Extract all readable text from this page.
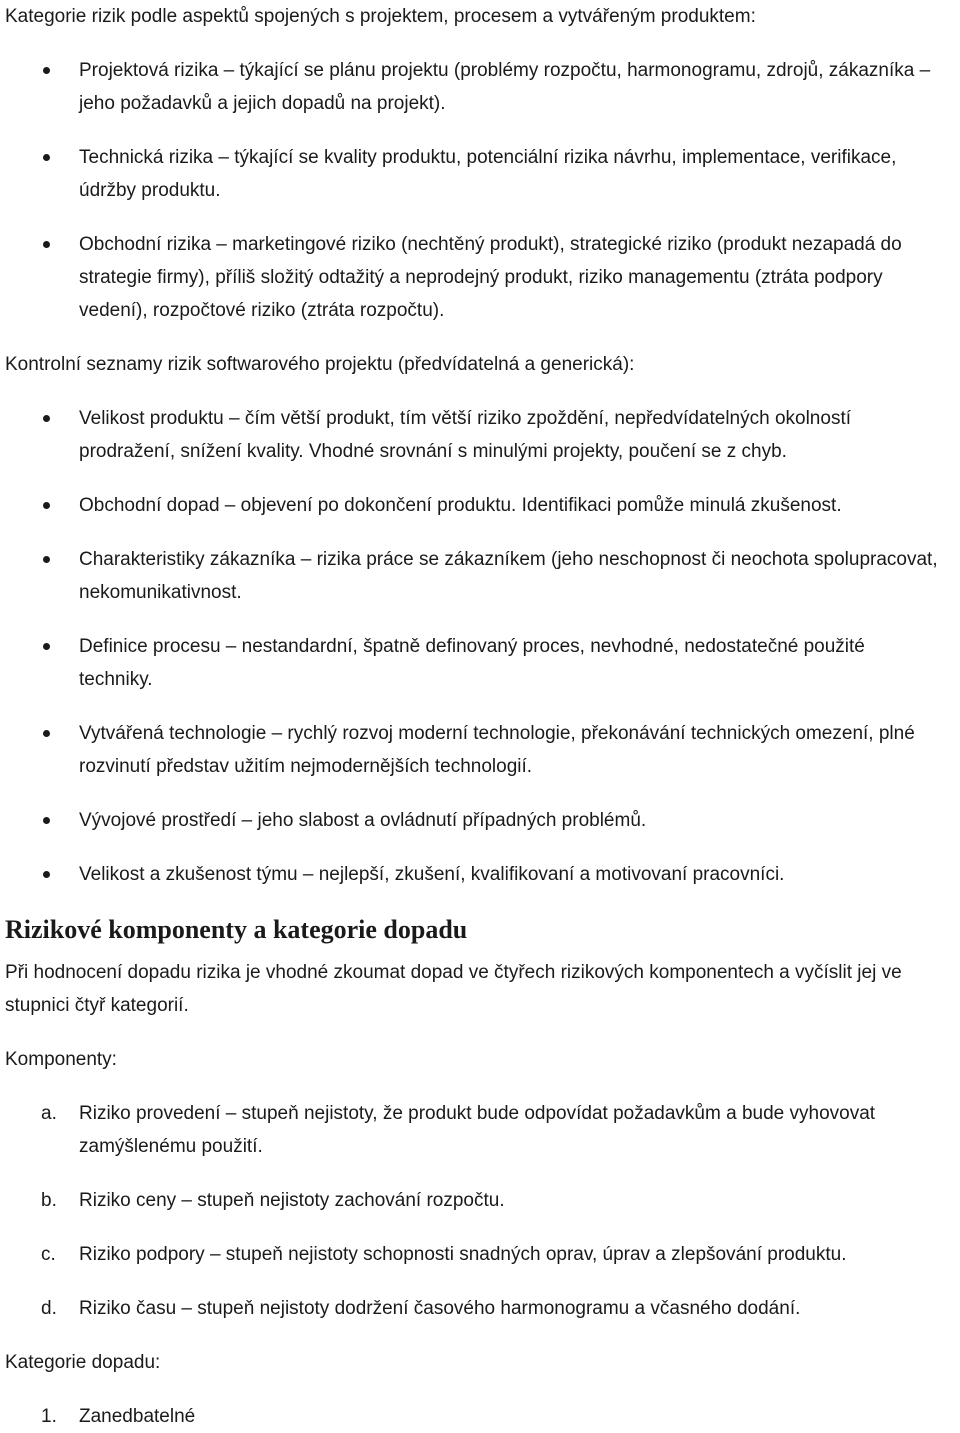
Kategorie rizik podle aspektů spojených s projektem, procesem a vytvářeným produktem:

Projektová rizika – týkající se plánu projektu (problémy rozpočtu, harmonogramu, zdrojů, zákazníka – jeho požadavků a jejich dopadů na projekt).
Technická rizika – týkající se kvality produktu, potenciální rizika návrhu, implementace, verifikace, údržby produktu.
Obchodní rizika – marketingové riziko (nechtěný produkt), strategické riziko (produkt nezapadá do strategie firmy), příliš složitý odtažitý a neprodejný produkt, riziko managementu (ztráta podpory vedení), rozpočtové riziko (ztráta rozpočtu).

Kontrolní seznamy rizik softwarového projektu (předvídatelná a generická):

Velikost produktu – čím větší produkt, tím větší riziko zpoždění, nepředvídatelných okolností prodražení, snížení kvality. Vhodné srovnání s minulými projekty, poučení se z chyb.
Obchodní dopad – objevení po dokončení produktu. Identifikaci pomůže minulá zkušenost.
Charakteristiky zákazníka – rizika práce se zákazníkem (jeho neschopnost či neochota spolupracovat, nekomunikativnost.
Definice procesu – nestandardní, špatně definovaný proces, nevhodné, nedostatečné použité techniky.
Vytvářená technologie – rychlý rozvoj moderní technologie, překonávání technických omezení, plné rozvinutí představ užitím nejmodernějších technologií.
Vývojové prostředí – jeho slabost a ovládnutí případných problémů.
Velikost a zkušenost týmu – nejlepší, zkušení, kvalifikovaní a motivovaní pracovníci.
Rizikové komponenty a kategorie dopadu

Při hodnocení dopadu rizika je vhodné zkoumat dopad ve čtyřech rizikových komponentech a vyčíslit jej ve stupnici čtyř kategorií.

Komponenty:

a. Riziko provedení – stupeň nejistoty, že produkt bude odpovídat požadavkům a bude vyhovovat zamýšlenému použití.
b. Riziko ceny – stupeň nejistoty zachování rozpočtu.
c. Riziko podpory – stupeň nejistoty schopnosti snadných oprav, úprav a zlepšování produktu.
d. Riziko času – stupeň nejistoty dodržení časového harmonogramu a včasného dodání.

Kategorie dopadu:

1. Zanedbatelné
